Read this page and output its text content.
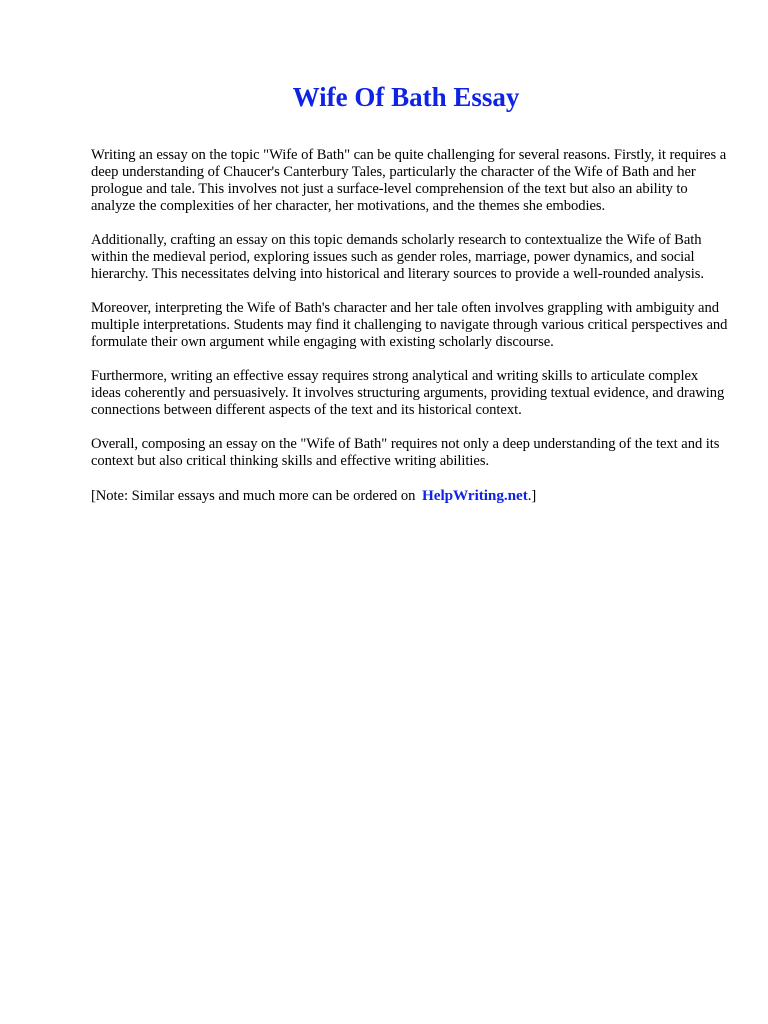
Wife Of Bath Essay

Writing an essay on the topic "Wife of Bath" can be quite challenging for several reasons. Firstly, it requires a deep understanding of Chaucer's Canterbury Tales, particularly the character of the Wife of Bath and her prologue and tale. This involves not just a surface-level comprehension of the text but also an ability to analyze the complexities of her character, her motivations, and the themes she embodies.

Additionally, crafting an essay on this topic demands scholarly research to contextualize the Wife of Bath within the medieval period, exploring issues such as gender roles, marriage, power dynamics, and social hierarchy. This necessitates delving into historical and literary sources to provide a well-rounded analysis.

Moreover, interpreting the Wife of Bath's character and her tale often involves grappling with ambiguity and multiple interpretations. Students may find it challenging to navigate through various critical perspectives and formulate their own argument while engaging with existing scholarly discourse.

Furthermore, writing an effective essay requires strong analytical and writing skills to articulate complex ideas coherently and persuasively. It involves structuring arguments, providing textual evidence, and drawing connections between different aspects of the text and its historical context.

Overall, composing an essay on the "Wife of Bath" requires not only a deep understanding of the text and its context but also critical thinking skills and effective writing abilities.

[Note: Similar essays and much more can be ordered on HelpWriting.net.]
